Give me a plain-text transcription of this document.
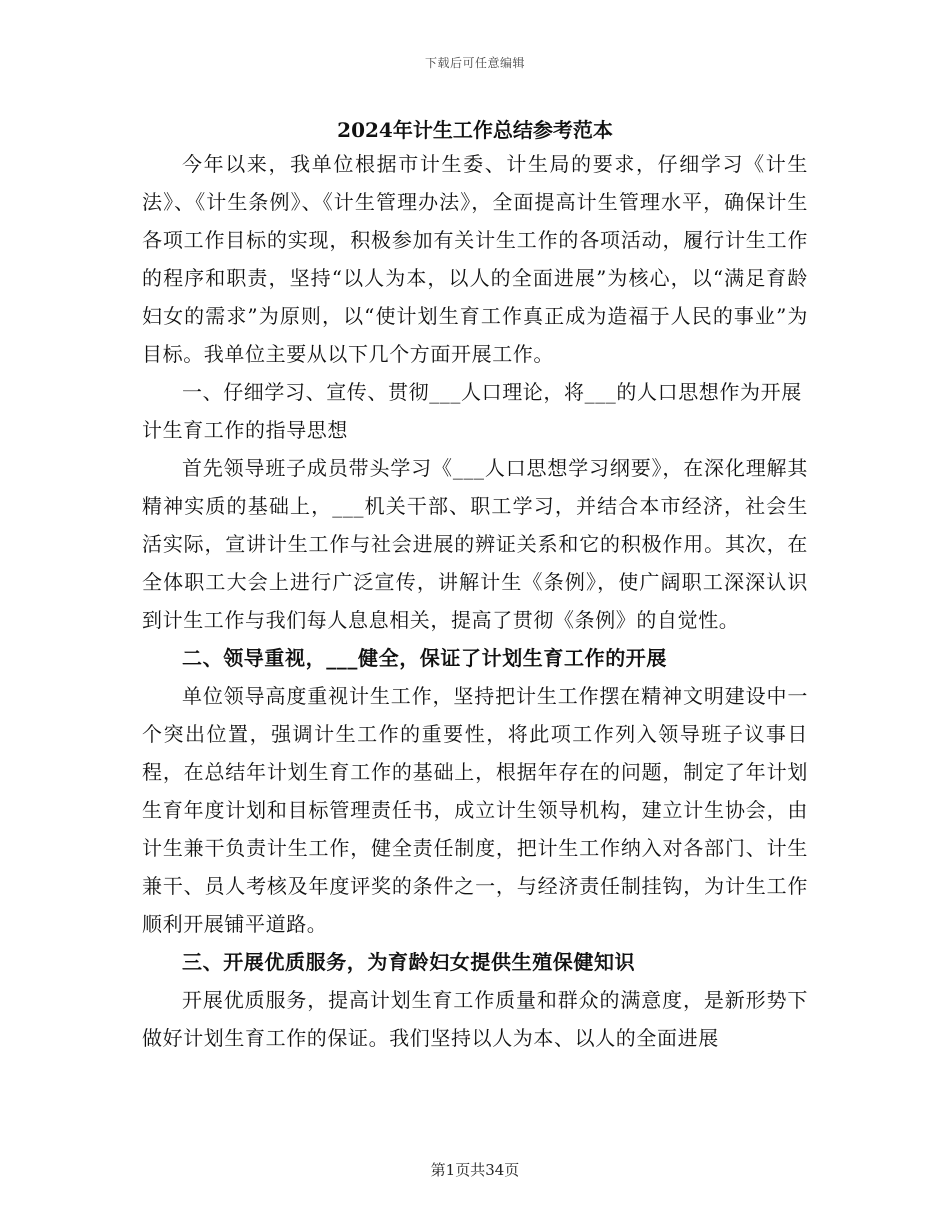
下载后可任意编辑
2024年计生工作总结参考范本

今年以来，我单位根据市计生委、计生局的要求，仔细学习《计生法》、《计生条例》、《计生管理办法》，全面提高计生管理水平，确保计生各项工作目标的实现，积极参加有关计生工作的各项活动，履行计生工作的程序和职责，坚持“以人为本，以人的全面进展”为核心，以“满足育龄妇女的需求”为原则，以“使计划生育工作真正成为造福于人民的事业”为目标。我单位主要从以下几个方面开展工作。

一、仔细学习、宣传、贯彻___人口理论，将___的人口思想作为开展计生育工作的指导思想

首先领导班子成员带头学习《___人口思想学习纲要》，在深化理解其精神实质的基础上，___机关干部、职工学习，并结合本市经济，社会生活实际，宣讲计生工作与社会进展的辨证关系和它的积极作用。其次，在全体职工大会上进行广泛宣传，讲解计生《条例》，使广阔职工深深认识到计生工作与我们每人息息相关，提高了贯彻《条例》的自觉性。

二、领导重视，___健全，保证了计划生育工作的开展

单位领导高度重视计生工作，坚持把计生工作摆在精神文明建设中一个突出位置，强调计生工作的重要性，将此项工作列入领导班子议事日程，在总结年计划生育工作的基础上，根据年存在的问题，制定了年计划生育年度计划和目标管理责任书，成立计生领导机构，建立计生协会，由计生兼干负责计生工作，健全责任制度，把计生工作纳入对各部门、计生兼干、员人考核及年度评奖的条件之一，与经济责任制挂钩，为计生工作顺利开展铺平道路。

三、开展优质服务，为育龄妇女提供生殖保健知识

开展优质服务，提高计划生育工作质量和群众的满意度，是新形势下做好计划生育工作的保证。我们坚持以人为本、以人的全面进展

第1页共34页
